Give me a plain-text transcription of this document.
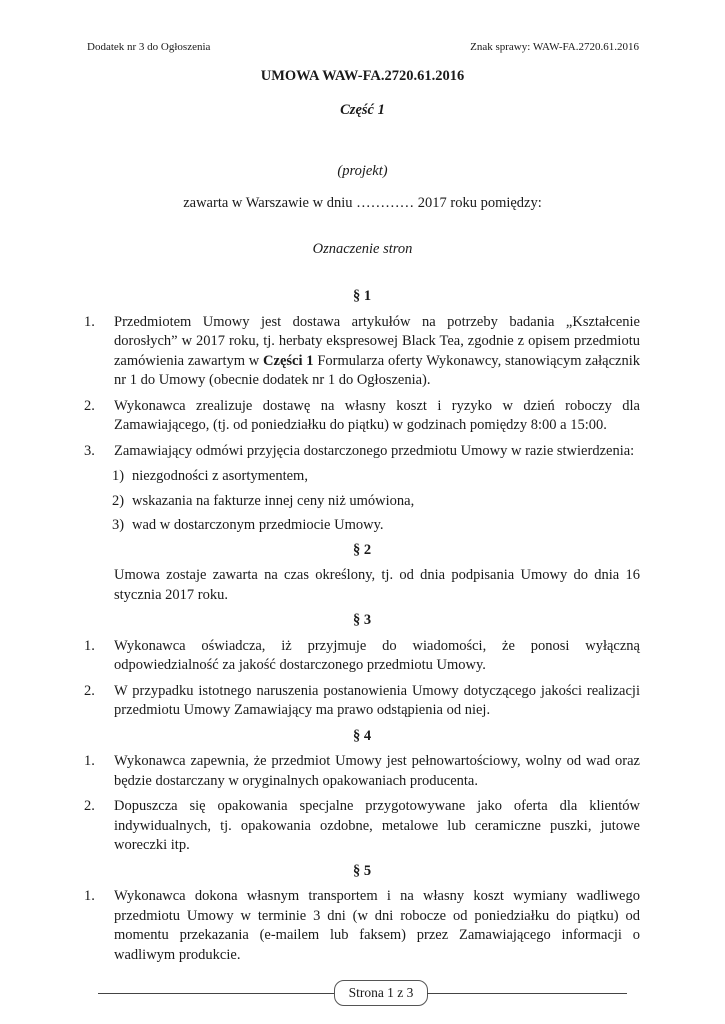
Dodatek nr 3 do Ogłoszenia	Znak sprawy: WAW-FA.2720.61.2016
UMOWA WAW-FA.2720.61.2016
Część 1
(projekt)
zawarta w Warszawie w dniu ………… 2017 roku pomiędzy:
Oznaczenie stron
§ 1
1. Przedmiotem Umowy jest dostawa artykułów na potrzeby badania „Kształcenie dorosłych” w 2017 roku, tj. herbaty ekspresowej Black Tea, zgodnie z opisem przedmiotu zamówienia zawartym w Części 1 Formularza oferty Wykonawcy, stanowiącym załącznik nr 1 do Umowy (obecnie dodatek nr 1 do Ogłoszenia).
2. Wykonawca zrealizuje dostawę na własny koszt i ryzyko w dzień roboczy dla Zamawiającego, (tj. od poniedziałku do piątku) w godzinach pomiędzy 8:00 a 15:00.
3. Zamawiający odmówi przyjęcia dostarczonego przedmiotu Umowy w razie stwierdzenia:
1) niezgodności z asortymentem,
2) wskazania na fakturze innej ceny niż umówiona,
3) wad w dostarczonym przedmiocie Umowy.
§ 2
Umowa zostaje zawarta na czas określony, tj. od dnia podpisania Umowy do dnia 16 stycznia 2017 roku.
§ 3
1. Wykonawca oświadcza, iż przyjmuje do wiadomości, że ponosi wyłączną odpowiedzialność za jakość dostarczonego przedmiotu Umowy.
2. W przypadku istotnego naruszenia postanowienia Umowy dotyczącego jakości realizacji przedmiotu Umowy Zamawiający ma prawo odstąpienia od niej.
§ 4
1. Wykonawca zapewnia, że przedmiot Umowy jest pełnowartościowy, wolny od wad oraz będzie dostarczany w oryginalnych opakowaniach producenta.
2. Dopuszcza się opakowania specjalne przygotowywane jako oferta dla klientów indywidualnych, tj. opakowania ozdobne, metalowe lub ceramiczne puszki, jutowe woreczki itp.
§ 5
1. Wykonawca dokona własnym transportem i na własny koszt wymiany wadliwego przedmiotu Umowy w terminie 3 dni (w dni robocze od poniedziałku do piątku) od momentu przekazania (e-mailem lub faksem) przez Zamawiającego informacji o wadliwym produkcie.
Strona 1 z 3
